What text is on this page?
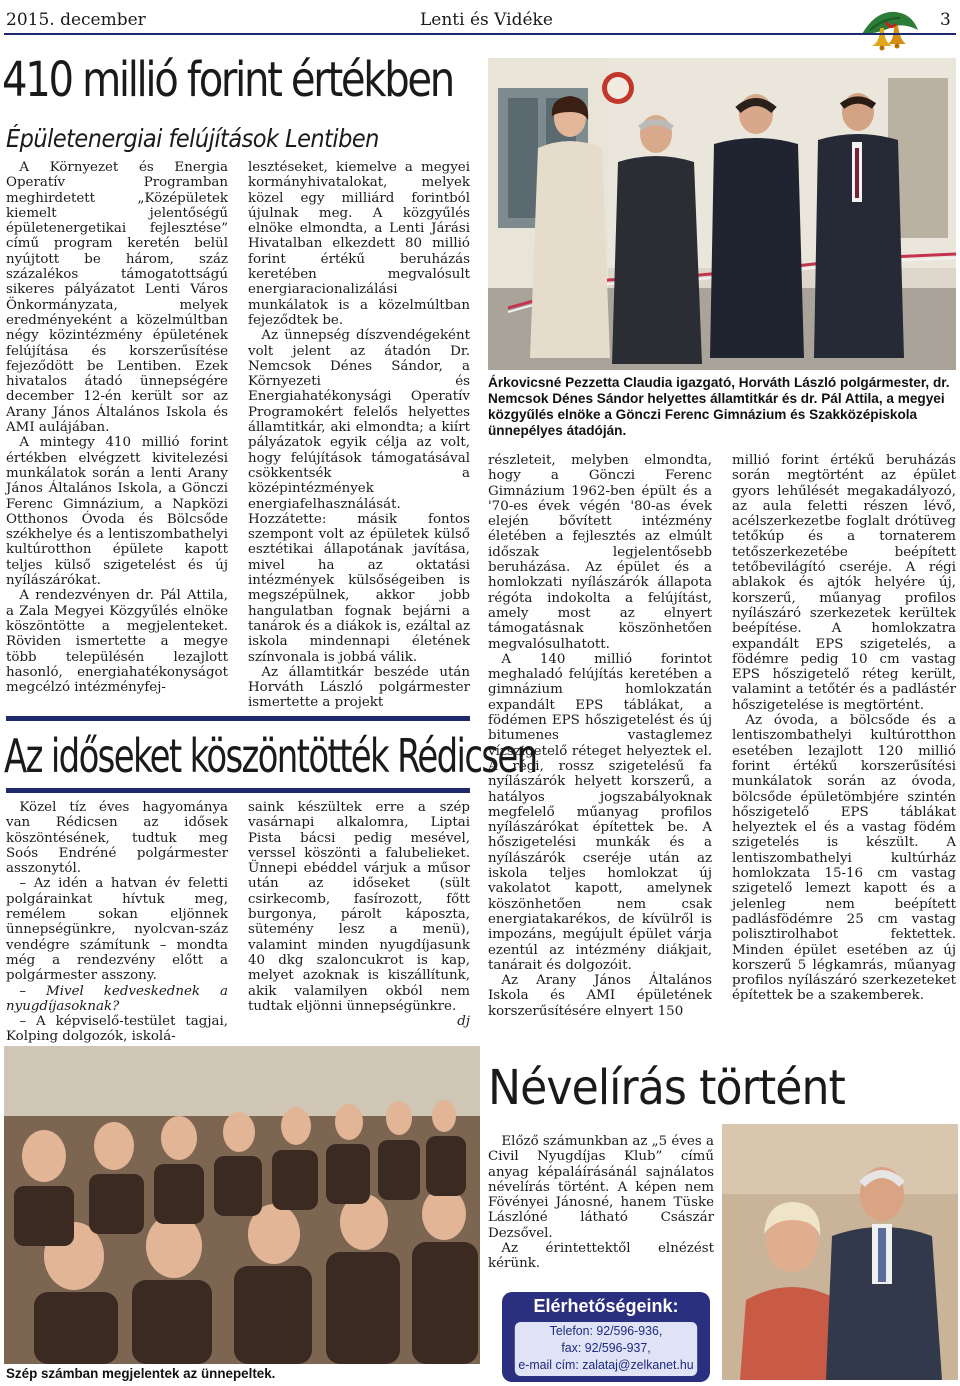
2015. december	Lenti és Vidéke	3
410 millió forint értékben
Épületenergiai felújítások Lentiben

A Környezet és Energia Operatív Programban meghirdetett „Középületek kiemelt jelentőségű épületenergetikai fejlesztése” című program keretén belül nyújtott be három, száz százalékos támogatottságú sikeres pályázatot Lenti Város Önkormányzata, melyek eredményeként a közelmúltban négy közintézmény épületének felújítása és korszerűsítése fejeződött be Lentiben. Ezek hivatalos átadó ünnepségére december 12-én került sor az Arany János Általános Iskola és AMI aulájában.

A mintegy 410 millió forint értékben elvégzett kivitelezési munkálatok során a lenti Arany János Általános Iskola, a Gönczi Ferenc Gimnázium, a Napközi Otthonos Óvoda és Bölcsőde székhelye és a lentiszombathelyi kultúrotthon épülete kapott teljes külső szigetelést és új nyílászárókat.

A rendezvényen dr. Pál Attila, a Zala Megyei Közgyűlés elnöke köszöntötte a megjelenteket. Röviden ismertette a megye több településén lezajlott hasonló, energiahatékonyságot megcélzó intézményfej-

lesztéseket, kiemelve a megyei kormányhivatalokat, melyek közel egy milliárd forintból újulnak meg. A közgyűlés elnöke elmondta, a Lenti Járási Hivatalban elkezdett 80 millió forint értékű beruházás keretében megvalósult energiaracionalizálási munkálatok is a közelmúltban fejeződtek be.

Az ünnepség díszvendégeként volt jelent az átadón Dr. Nemcsok Dénes Sándor, a Környezeti és Energiahatékonysági Operatív Programokért felelős helyettes államtitkár, aki elmondta; a kiírt pályázatok egyik célja az volt, hogy felújítások támogatásával csökkentsék a középintézmények energiafelhasználását. Hozzátette: másik fontos szempont volt az épületek külső esztétikai állapotának javítása, mivel ha az oktatási intézmények külsőségeiben is megszépülnek, akkor jobb hangulatban fognak bejárni a tanárok és a diákok is, ezáltal az iskola mindennapi életének színvonala is jobbá válik.

Az államtitkár beszéde után Horváth László polgármester ismertette a projekt

Árkovicsné Pezzetta Claudia igazgató, Horváth László polgármester, dr. Nemcsok Dénes Sándor helyettes államtitkár és dr. Pál Attila, a megyei közgyűlés elnöke a Gönczi Ferenc Gimnázium és Szakközépiskola ünnepélyes átadóján.

részleteit, melyben elmondta, hogy a Gönczi Ferenc Gimnázium 1962-ben épült és a '70-es évek végén '80-as évek elején bővített intézmény életében a fejlesztés az elmúlt időszak legjelentősebb beruházása. Az épület és a homlokzati nyílászárók állapota régóta indokolta a felújítást, amely most az elnyert támogatásnak köszönhetően megvalósulhatott.

A 140 millió forintot meghaladó felújítás keretében a gimnázium homlokzatán expandált EPS táblákat, a födémen EPS hőszigetelést és új bitumenes vastaglemez vízszigetelő réteget helyeztek el. A régi, rossz szigetelésű fa nyílászárók helyett korszerű, a hatályos jogszabályoknak megfelelő műanyag profilos nyílászárókat építettek be. A hőszigetelési munkák és a nyílászárók cseréje után az iskola teljes homlokzat új vakolatot kapott, amelynek köszönhetően nem csak energiatakarékos, de kívülről is impozáns, megújult épület várja ezentúl az intézmény diákjait, tanárait és dolgozóit.

Az Arany János Általános Iskola és AMI épületének korszerűsítésére elnyert 150

millió forint értékű beruházás során megtörtént az épület gyors lehűlését megakadályozó, az aula feletti részen lévő, acélszerkezetbe foglalt drótüveg tetőkúp és a tornaterem tetőszerkezetébe beépített tetőbevilágító cseréje. A régi ablakok és ajtók helyére új, korszerű, műanyag profilos nyílászáró szerkezetek kerültek beépítése. A homlokzatra expandált EPS szigetelés, a födémre pedig 10 cm vastag EPS hőszigetelő réteg került, valamint a tetőtér és a padlástér hőszigetelése is megtörtént.

Az óvoda, a bölcsőde és a lentiszombathelyi kultúrotthon esetében lezajlott 120 millió forint értékű korszerűsítési munkálatok során az óvoda, bölcsőde épületömbjére szintén hőszigetelő EPS táblákat helyeztek el és a vastag födém szigetelés is készült. A lentiszombathelyi kultúrház homlokzata 15-16 cm vastag szigetelő lemezt kapott és a jelenleg nem beépített padlásfödémre 25 cm vastag polisztirolhabot fektettek. Minden épület esetében az új korszerű 5 légkamrás, műanyag profilos nyílászáró szerkezeteket építettek be a szakemberek.

Az időseket köszöntötték Rédicsen

Közel tíz éves hagyománya van Rédicsen az idősek köszöntésének, tudtuk meg Soós Endréné polgármester asszonytól.

– Az idén a hatvan év feletti polgárainkat hívtuk meg, remélem sokan eljönnek ünnepségünkre, nyolcvan-száz vendégre számítunk – mondta még a rendezvény előtt a polgármester asszony.

– Mivel kedveskednek a nyugdíjasoknak?

– A képviselő-testület tagjai, Kolping dolgozók, iskolá-

saink készültek erre a szép vasárnapi alkalomra, Liptai Pista bácsi pedig mesével, verssel köszönti a falubelieket. Ünnepi ebéddel várjuk a műsor után az időseket (sült csirkecomb, fasírozott, főtt burgonya, párolt káposzta, sütemény lesz a menü), valamint minden nyugdíjasunk 40 dkg szaloncukrot is kap, melyet azoknak is kiszállítunk, akik valamilyen okból nem tudtak eljönni ünnepségünkre.

dj

Szép számban megjelentek az ünnepeltek.
Névelírás történt

Előző számunkban az „5 éves a Civil Nyugdíjas Klub” című anyag képaláírásánál sajnálatos névelírás történt. A képen nem Fövényei Jánosné, hanem Tüske Lászlóné látható Császár Dezsővel.

Az érintettektől elnézést kérünk.

Elérhetőségeink:
Telefon: 92/596-936,
fax: 92/596-937,
e-mail cím: zalataj@zelkanet.hu
